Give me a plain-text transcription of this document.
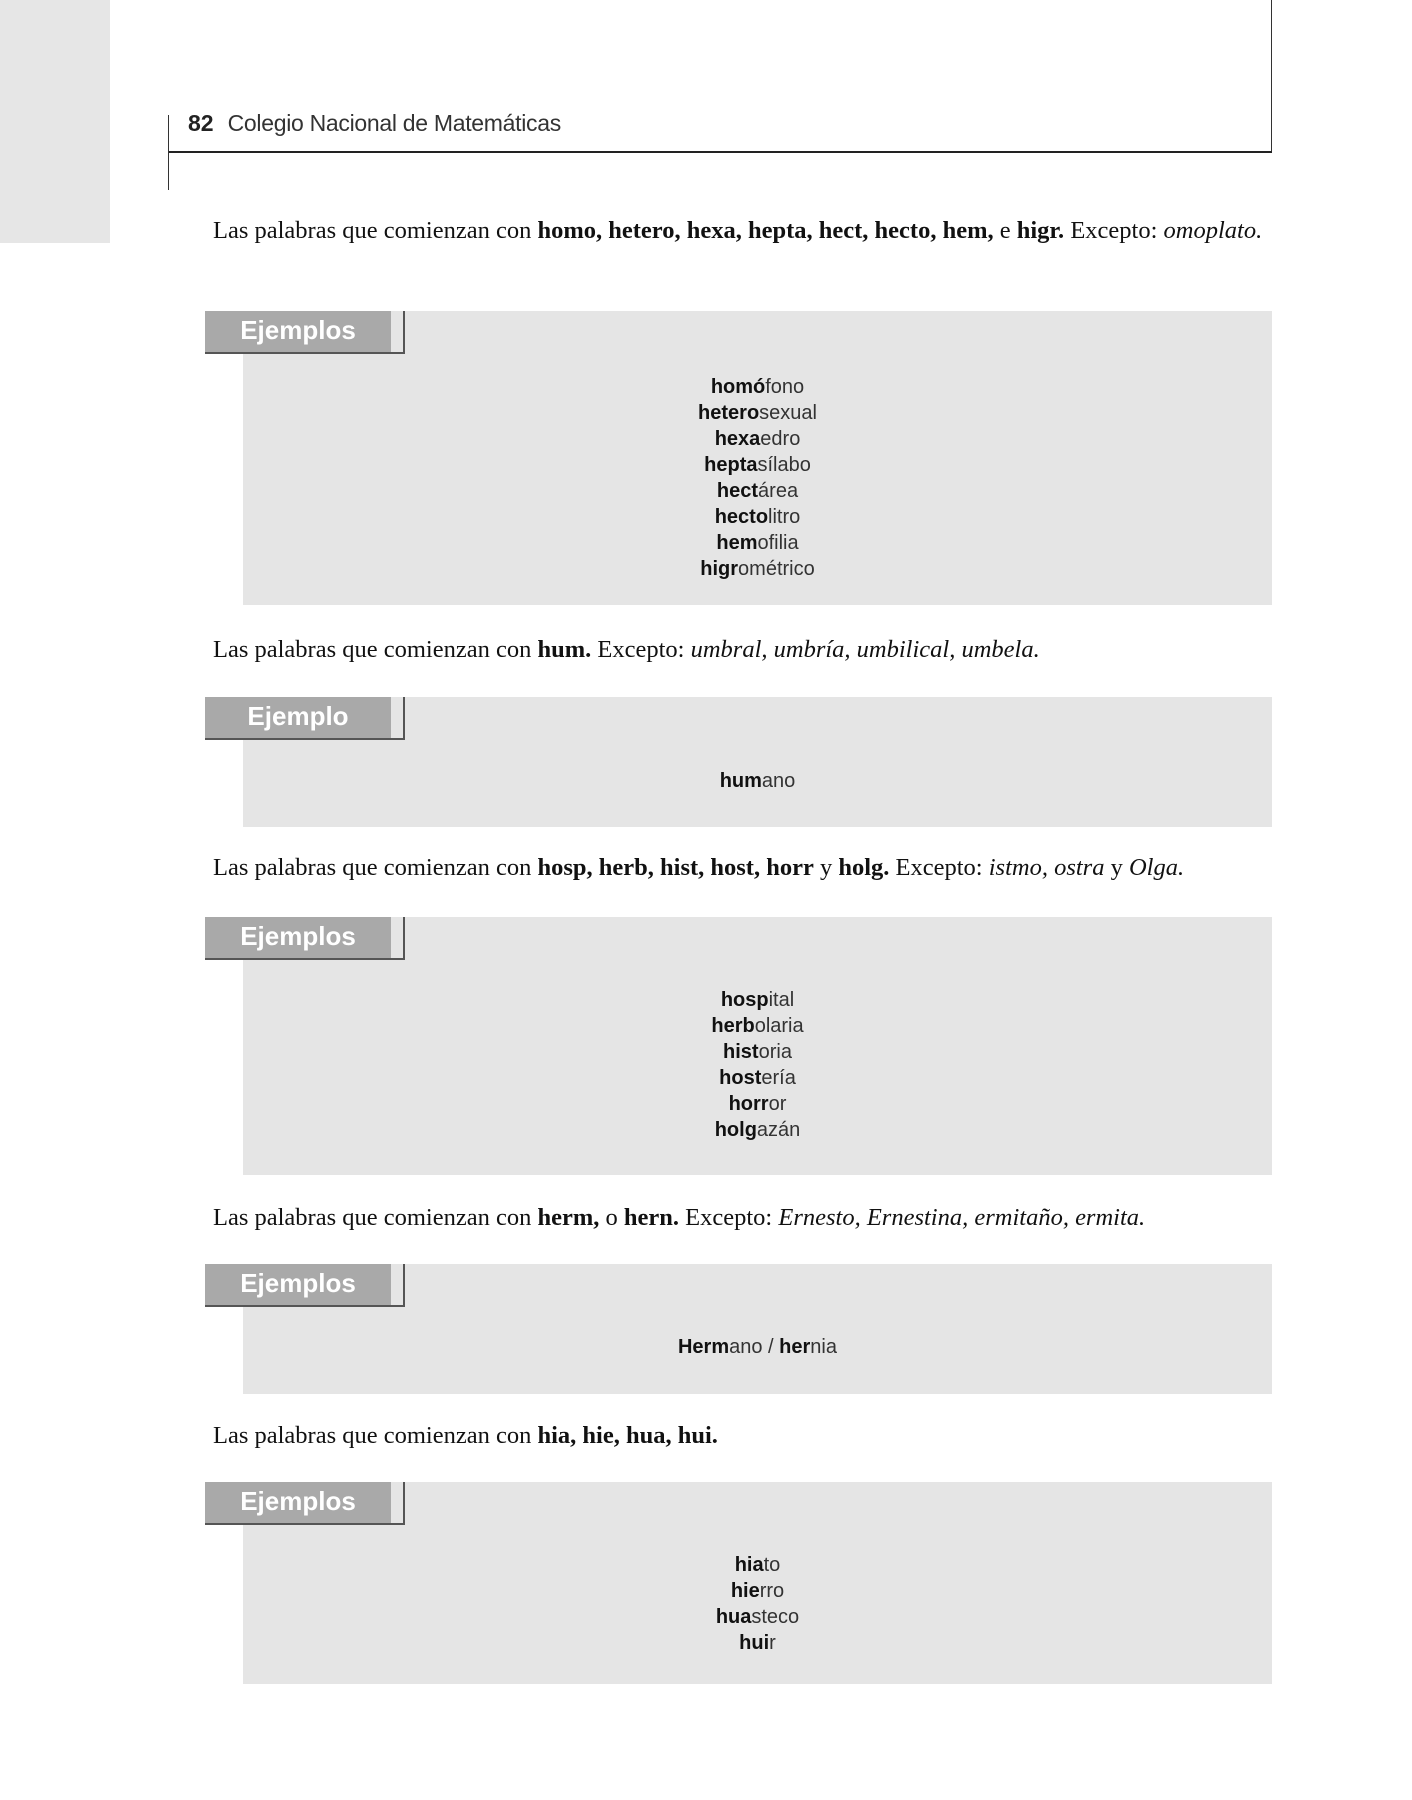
82 Colegio Nacional de Matemáticas
Las palabras que comienzan con homo, hetero, hexa, hepta, hect, hecto, hem, e higr. Excepto: omoplato.
Ejemplos
homófono
heterosexual
hexaedro
heptasílabo
hectárea
hectolitro
hemofilia
higrométrico
Las palabras que comienzan con hum. Excepto: umbral, umbría, umbilical, umbela.
Ejemplo
humano
Las palabras que comienzan con hosp, herb, hist, host, horr y holg. Excepto: istmo, ostra y Olga.
Ejemplos
hospital
herbolaria
historia
hostería
horror
holgazán
Las palabras que comienzan con herm, o hern. Excepto: Ernesto, Ernestina, ermitaño, ermita.
Ejemplos
Hermano / hernia
Las palabras que comienzan con hia, hie, hua, hui.
Ejemplos
hiato
hierro
huasteco
huir
